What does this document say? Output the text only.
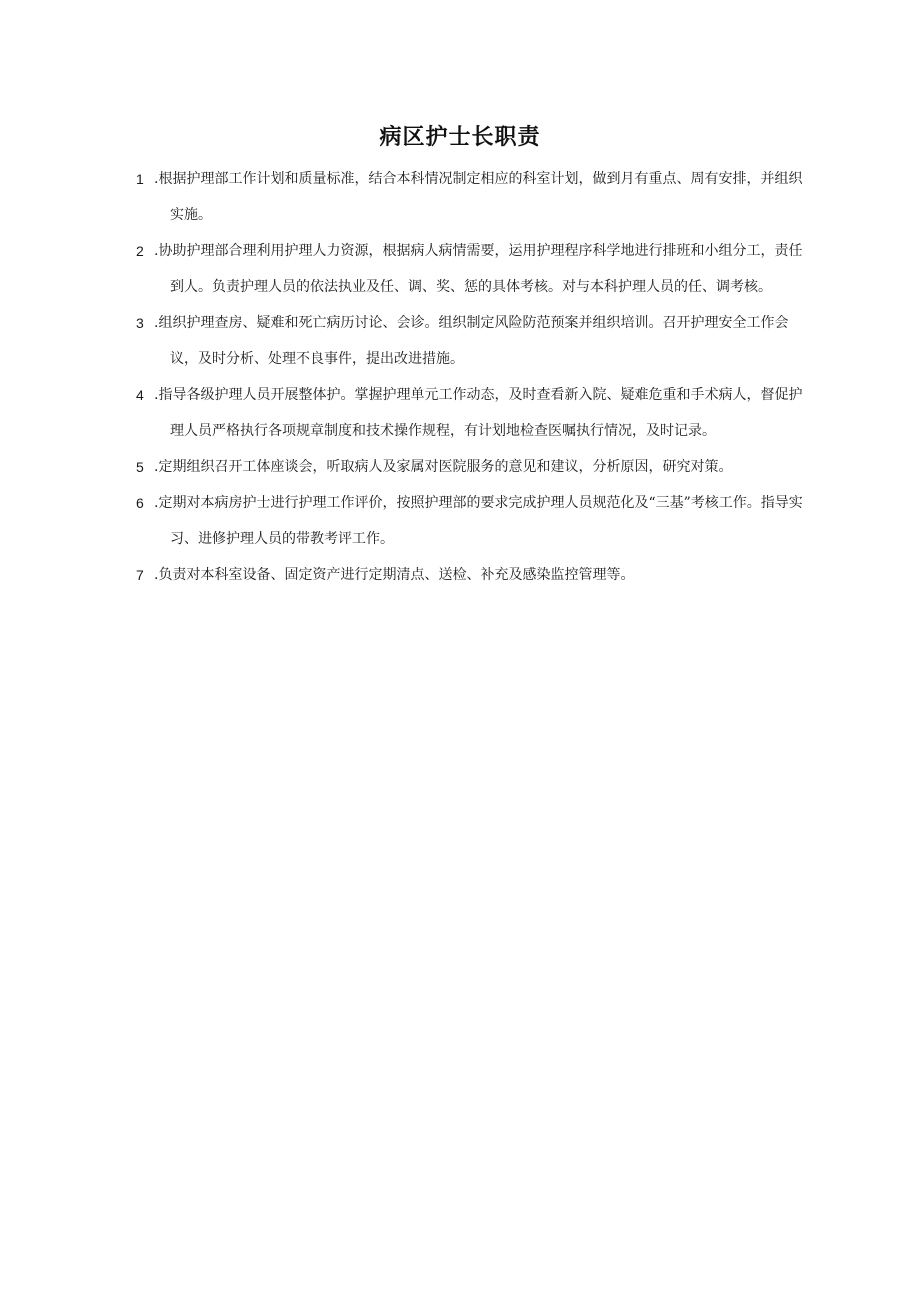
病区护士长职责
1 .根据护理部工作计划和质量标准，结合本科情况制定相应的科室计划，做到月有重点、周有安排，并组织实施。
2 .协助护理部合理利用护理人力资源，根据病人病情需要，运用护理程序科学地进行排班和小组分工，责任到人。负责护理人员的依法执业及任、调、奖、惩的具体考核。对与本科护理人员的任、调考核。
3 .组织护理查房、疑难和死亡病历讨论、会诊。组织制定风险防范预案并组织培训。召开护理安全工作会议，及时分析、处理不良事件，提出改进措施。
4 .指导各级护理人员开展整体护。掌握护理单元工作动态，及时查看新入院、疑难危重和手术病人，督促护理人员严格执行各项规章制度和技术操作规程，有计划地检查医嘱执行情况，及时记录。
5 .定期组织召开工体座谈会，听取病人及家属对医院服务的意见和建议，分析原因，研究对策。
6 .定期对本病房护士进行护理工作评价，按照护理部的要求完成护理人员规范化及“三基”考核工作。指导实习、进修护理人员的带教考评工作。
7 .负责对本科室设备、固定资产进行定期清点、送检、补充及感染监控管理等。
